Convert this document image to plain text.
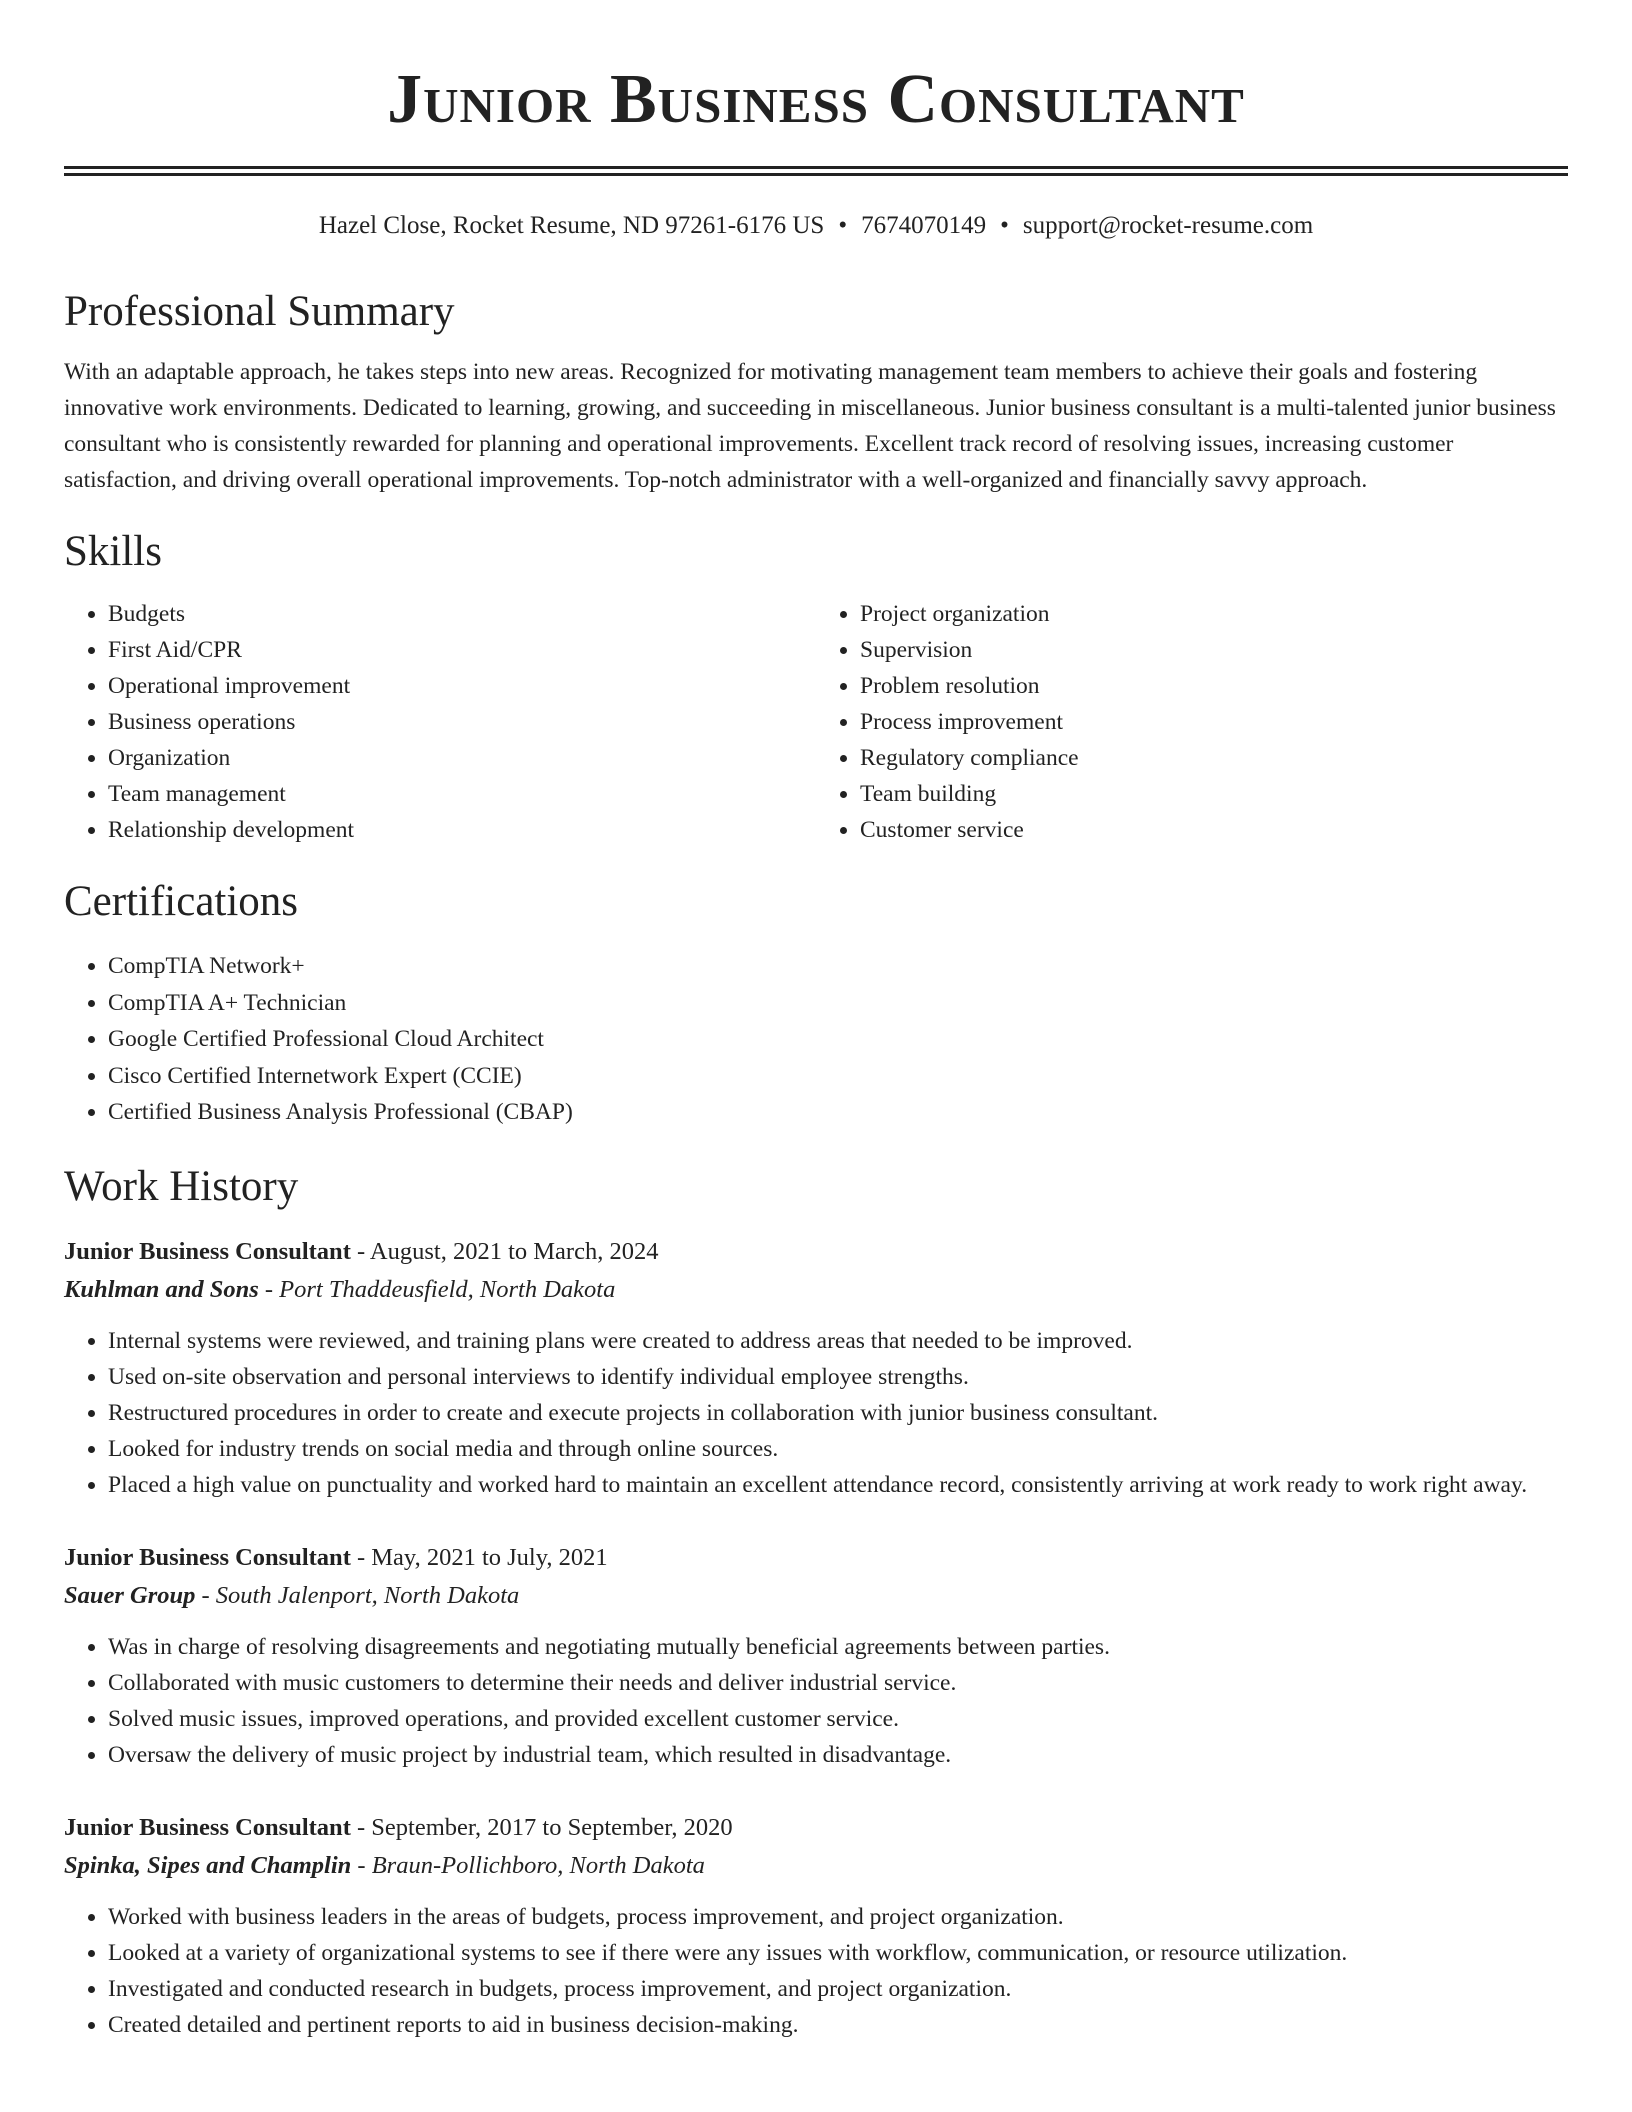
Junior Business Consultant
Hazel Close, Rocket Resume, ND 97261-6176 US • 7674070149 • support@rocket-resume.com
Professional Summary

With an adaptable approach, he takes steps into new areas. Recognized for motivating management team members to achieve their goals and fostering innovative work environments. Dedicated to learning, growing, and succeeding in miscellaneous. Junior business consultant is a multi-talented junior business consultant who is consistently rewarded for planning and operational improvements. Excellent track record of resolving issues, increasing customer satisfaction, and driving overall operational improvements. Top-notch administrator with a well-organized and financially savvy approach.

Skills
• Budgets
• First Aid/CPR
• Operational improvement
• Business operations
• Organization
• Team management
• Relationship development
• Project organization
• Supervision
• Problem resolution
• Process improvement
• Regulatory compliance
• Team building
• Customer service
Certifications
• CompTIA Network+
• CompTIA A+ Technician
• Google Certified Professional Cloud Architect
• Cisco Certified Internetwork Expert (CCIE)
• Certified Business Analysis Professional (CBAP)
Work History
Junior Business Consultant - August, 2021 to March, 2024
Kuhlman and Sons - Port Thaddeusfield, North Dakota
• Internal systems were reviewed, and training plans were created to address areas that needed to be improved.
• Used on-site observation and personal interviews to identify individual employee strengths.
• Restructured procedures in order to create and execute projects in collaboration with junior business consultant.
• Looked for industry trends on social media and through online sources.
• Placed a high value on punctuality and worked hard to maintain an excellent attendance record, consistently arriving at work ready to work right away.
Junior Business Consultant - May, 2021 to July, 2021
Sauer Group - South Jalenport, North Dakota
• Was in charge of resolving disagreements and negotiating mutually beneficial agreements between parties.
• Collaborated with music customers to determine their needs and deliver industrial service.
• Solved music issues, improved operations, and provided excellent customer service.
• Oversaw the delivery of music project by industrial team, which resulted in disadvantage.
Junior Business Consultant - September, 2017 to September, 2020
Spinka, Sipes and Champlin - Braun-Pollichboro, North Dakota
• Worked with business leaders in the areas of budgets, process improvement, and project organization.
• Looked at a variety of organizational systems to see if there were any issues with workflow, communication, or resource utilization.
• Investigated and conducted research in budgets, process improvement, and project organization.
• Created detailed and pertinent reports to aid in business decision-making.
